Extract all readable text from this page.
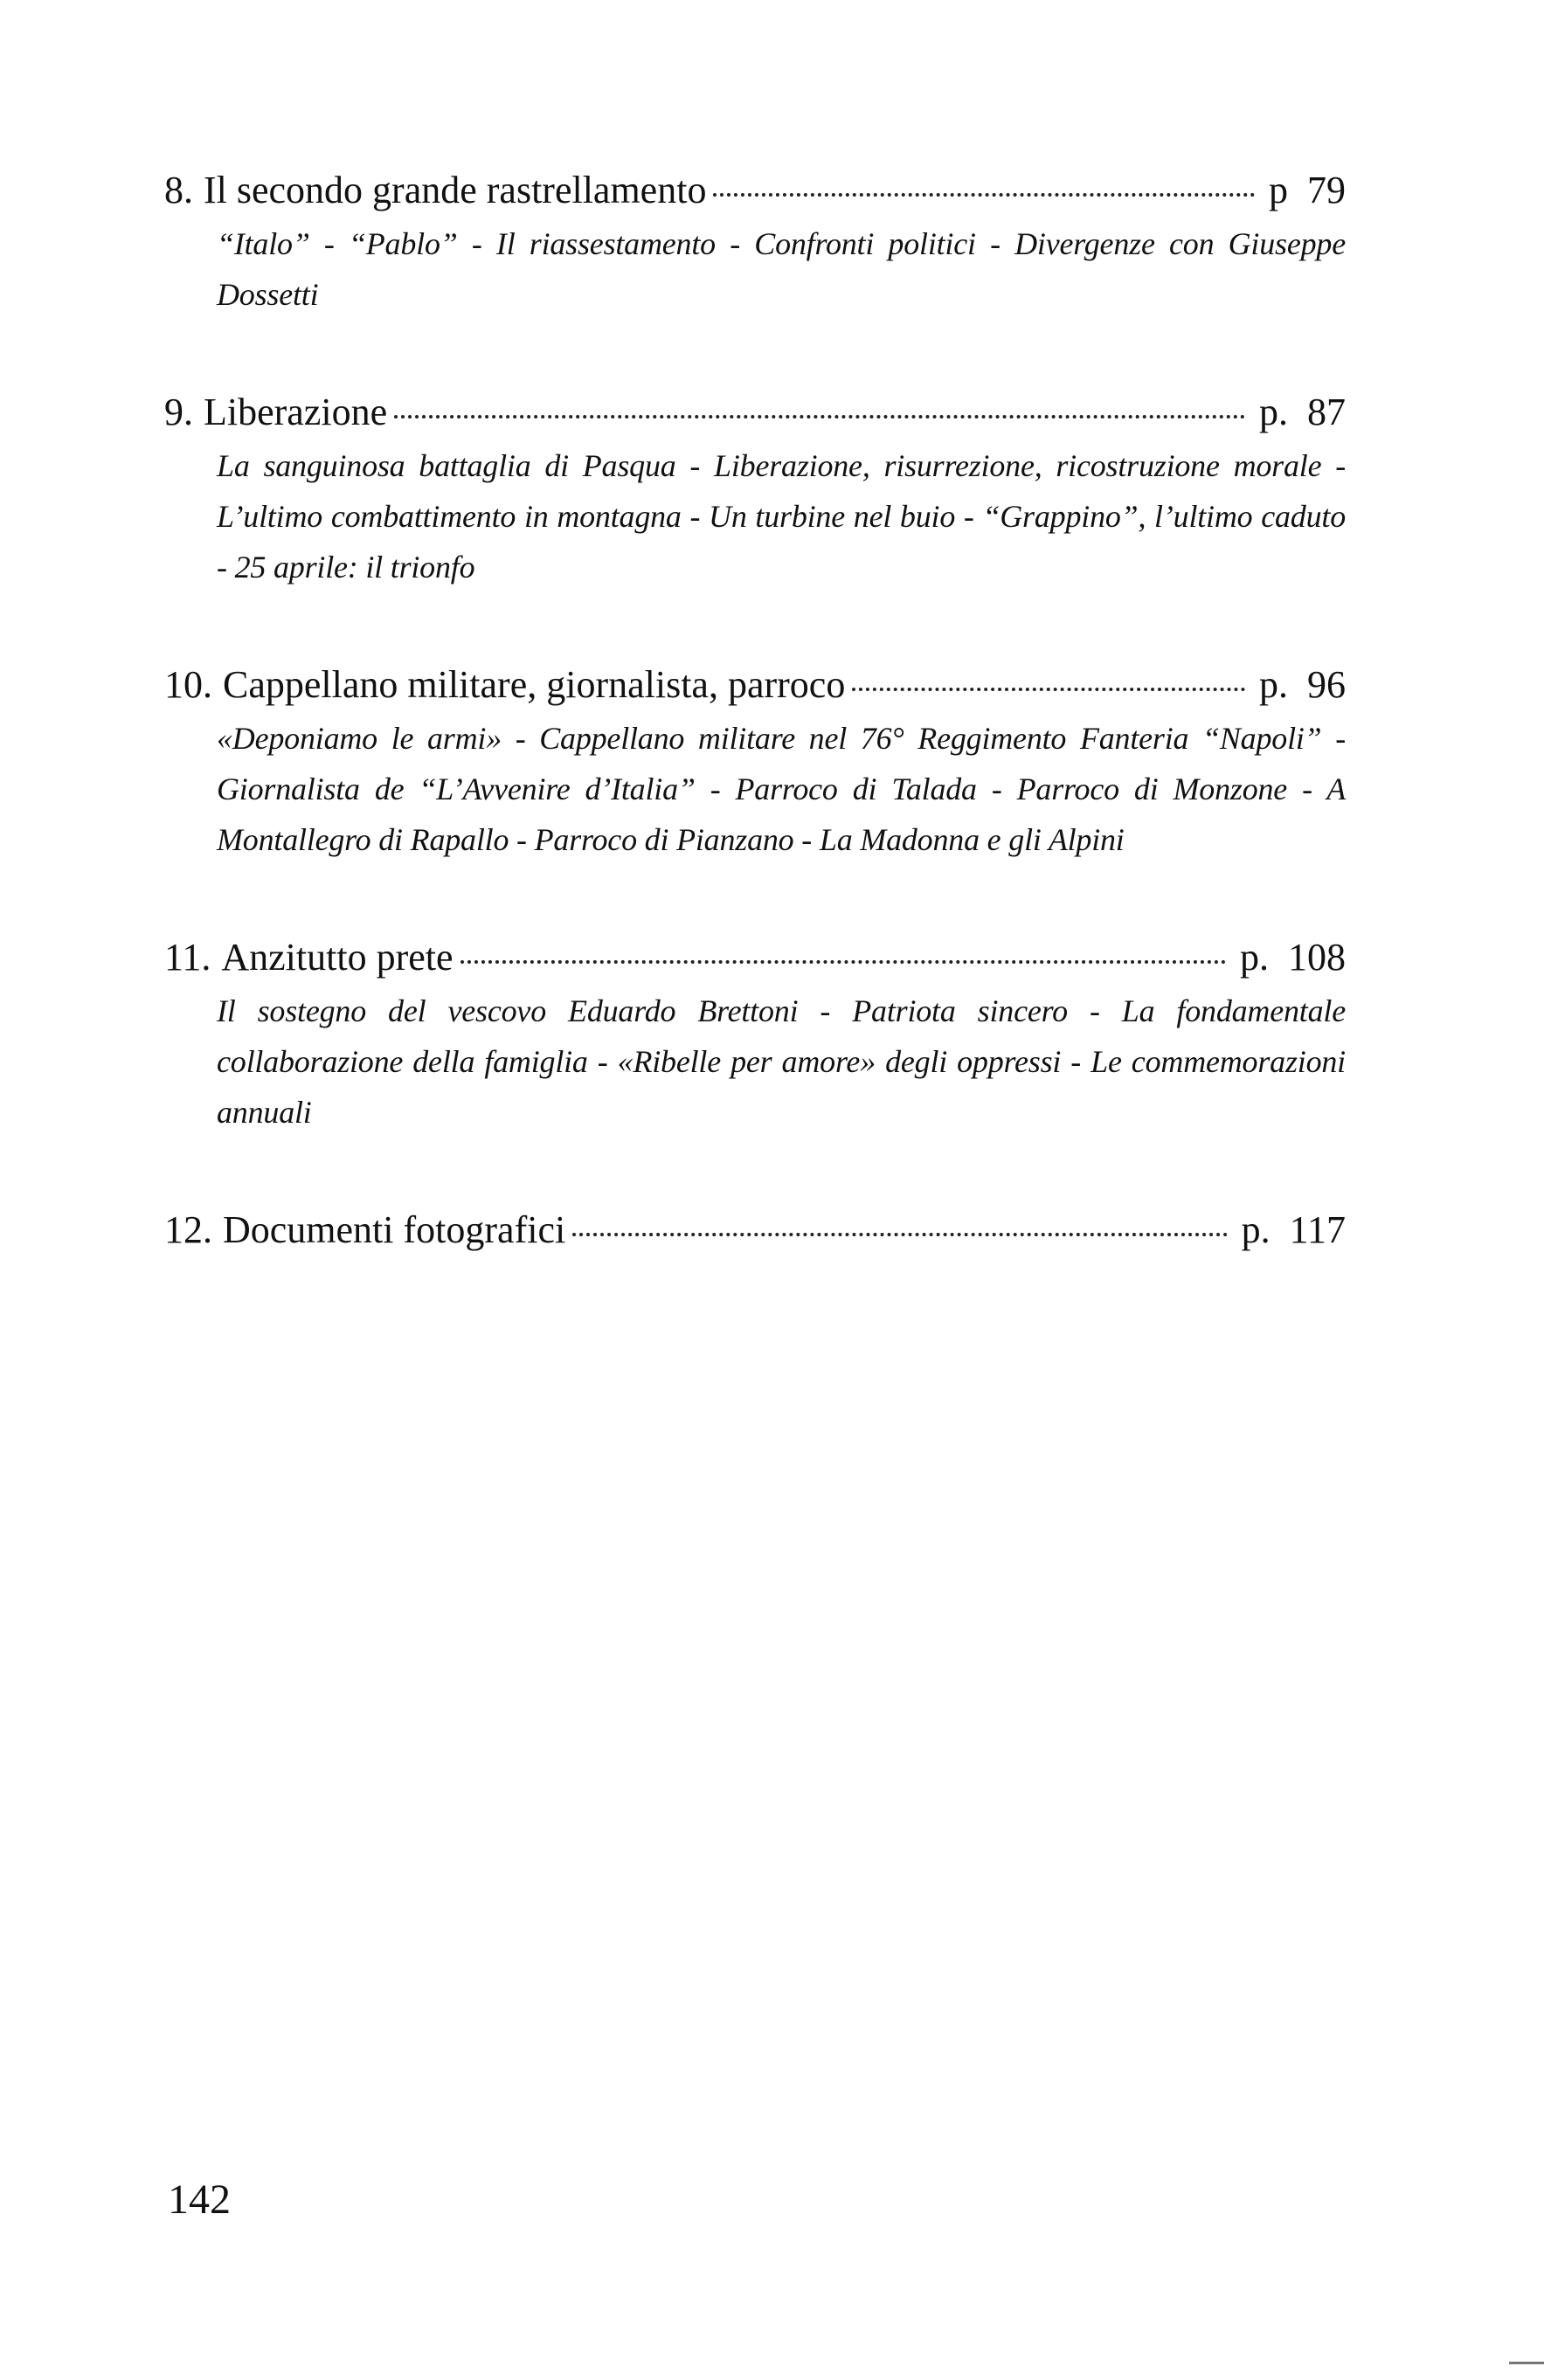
8. Il secondo grande rastrellamento	p 79

“Italo” - “Pablo” - Il riassestamento - Confronti politici - Divergenze con Giuseppe Dossetti

9. Liberazione	p. 87

La sanguinosa battaglia di Pasqua - Liberazione, risurrezione, ricostruzione morale - L’ultimo combattimento in montagna - Un turbine nel buio - “Grappino”, l’ultimo caduto - 25 aprile: il trionfo

10. Cappellano militare, giornalista, parroco	p. 96

«Deponiamo le armi» - Cappellano militare nel 76° Reggimento Fanteria “Napoli” - Giornalista de “L’Avvenire d’Italia” - Parroco di Talada - Parroco di Monzone - A Montallegro di Rapallo - Parroco di Pianzano - La Madonna e gli Alpini

11. Anzitutto prete	p. 108

Il sostegno del vescovo Eduardo Brettoni - Patriota sincero - La fondamentale collaborazione della famiglia - «Ribelle per amore» degli oppressi - Le commemorazioni annuali

12. Documenti fotografici	p. 117
142
